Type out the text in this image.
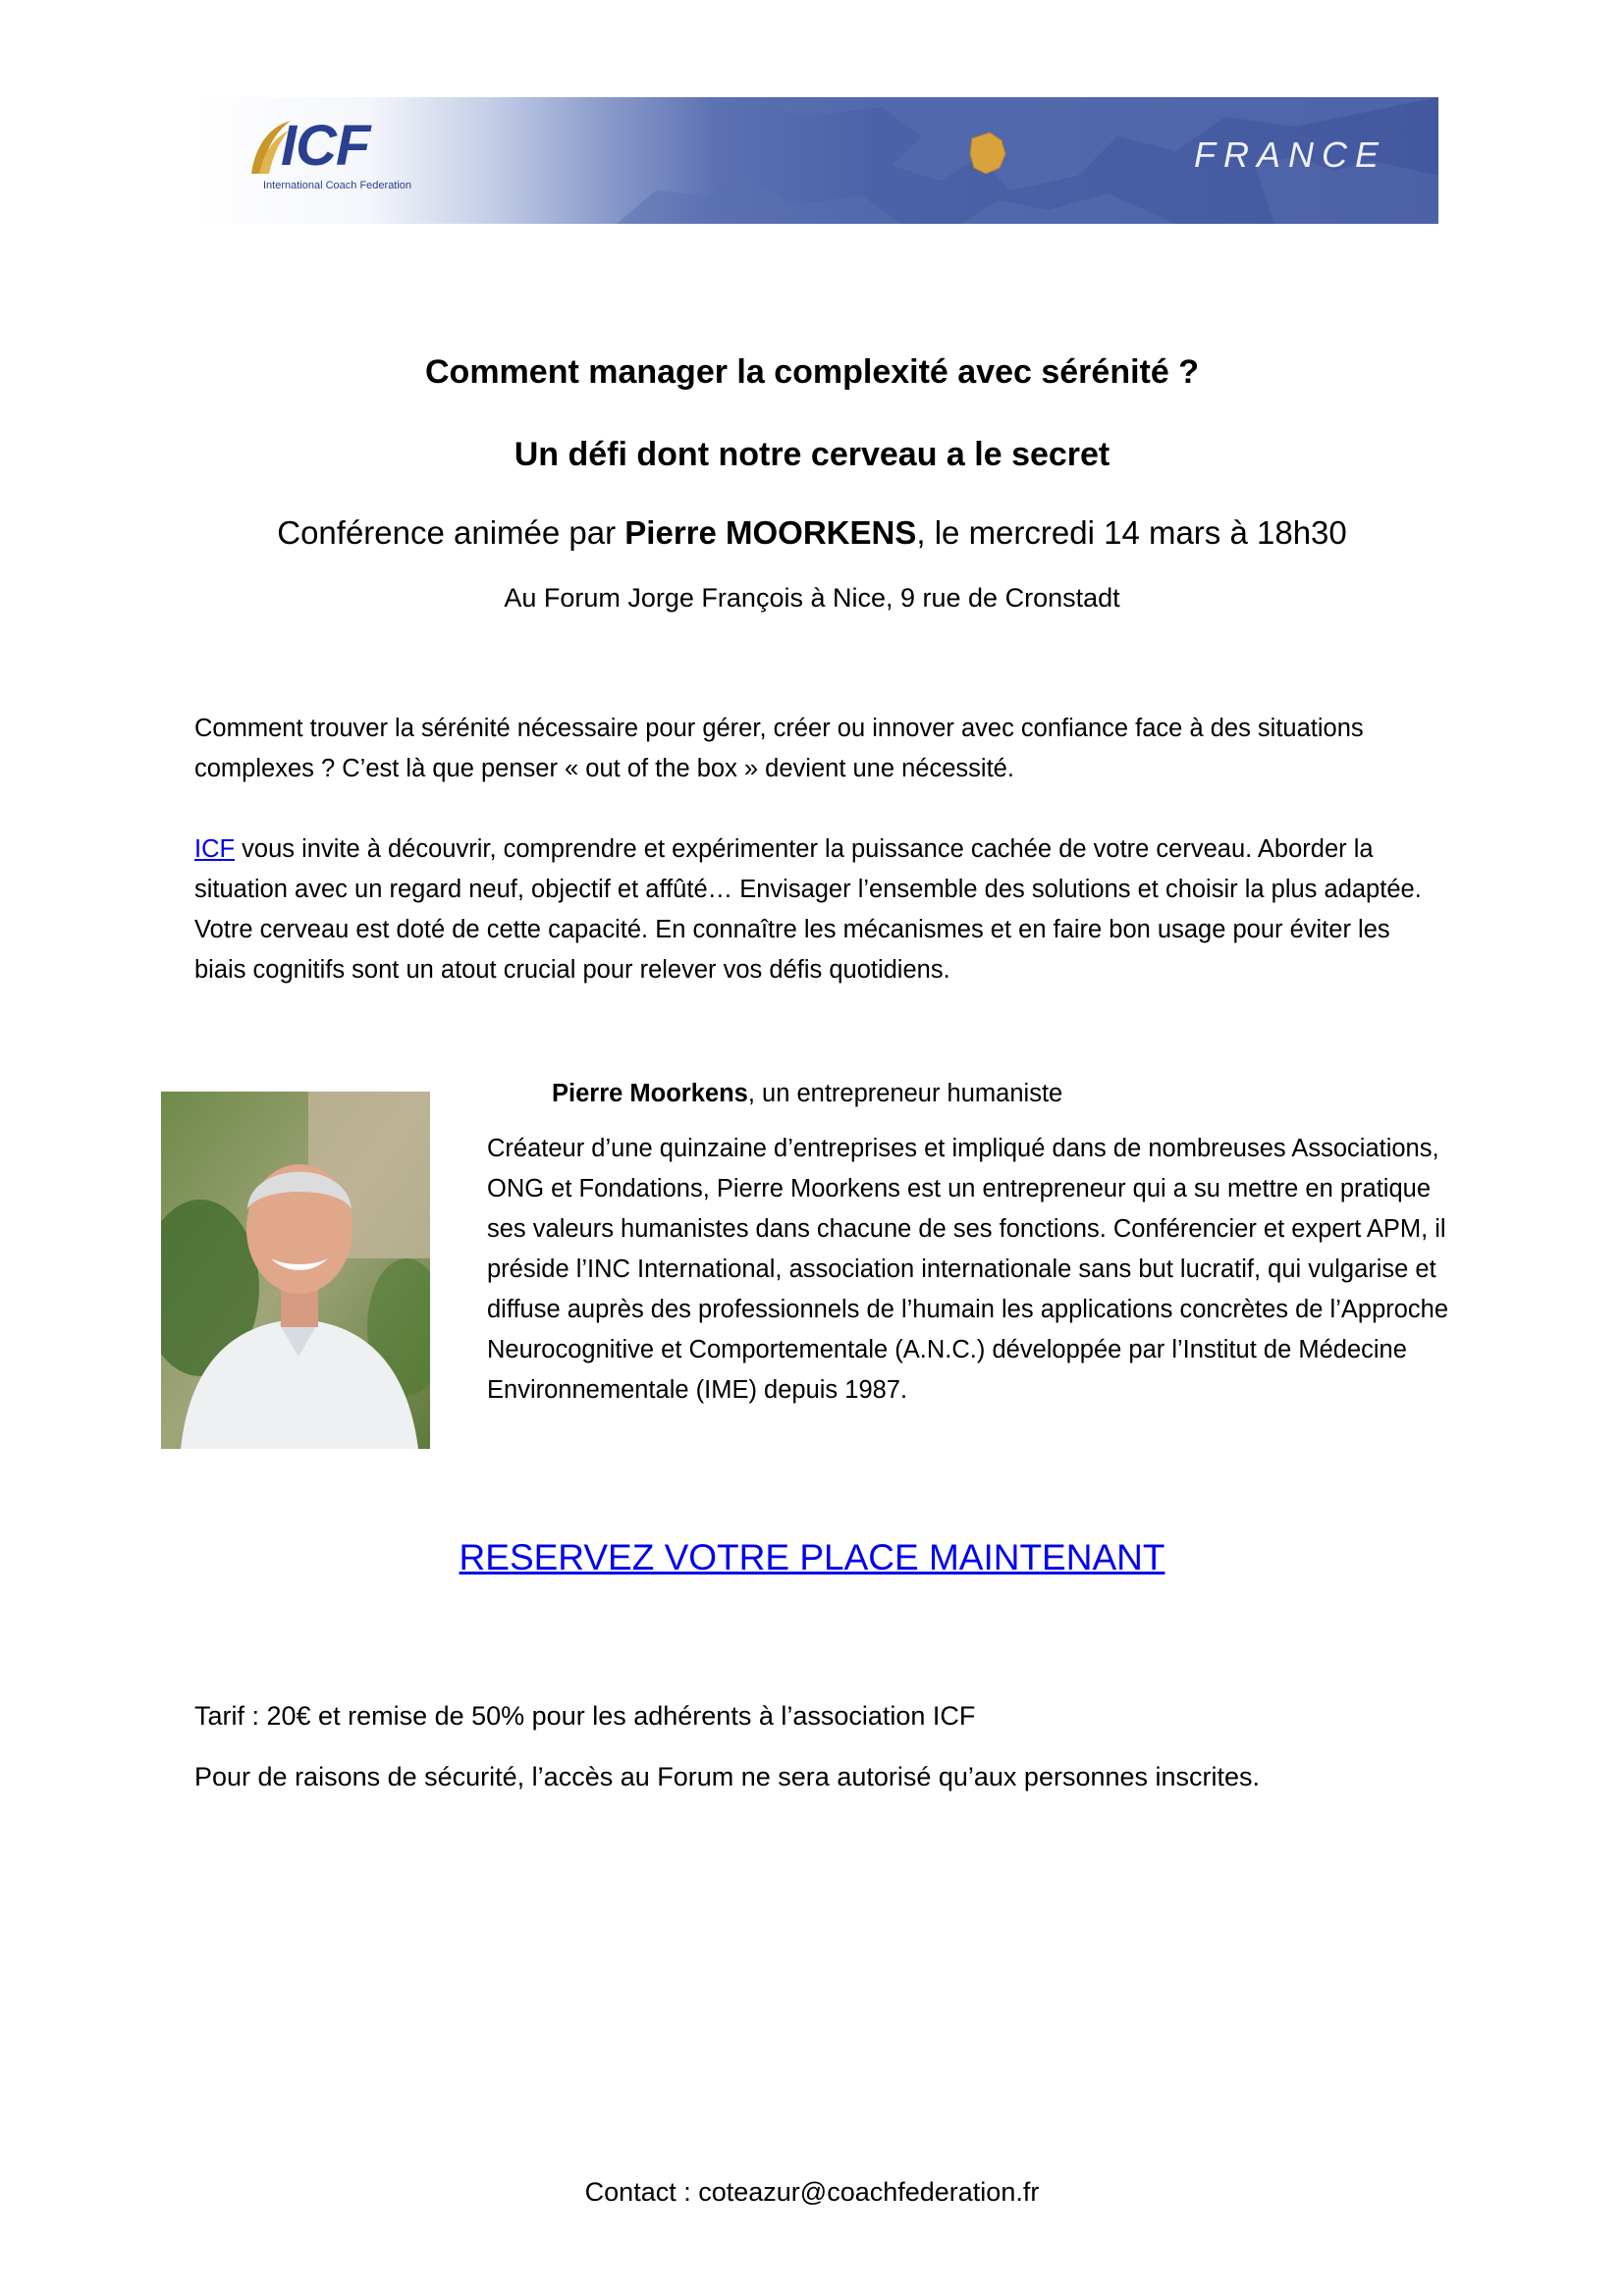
ICF
International Coach Federation
FRANCE
Comment manager la complexité avec sérénité ?
Un défi dont notre cerveau a le secret
Conférence animée par Pierre MOORKENS, le mercredi 14 mars à 18h30
Au Forum Jorge François à Nice, 9 rue de Cronstadt
Comment trouver la sérénité nécessaire pour gérer, créer ou innover avec confiance face à des situations complexes ? C’est là que penser « out of the box » devient une nécessité.
ICF vous invite à découvrir, comprendre et expérimenter la puissance cachée de votre cerveau. Aborder la situation avec un regard neuf, objectif et affûté… Envisager l’ensemble des solutions et choisir la plus adaptée. Votre cerveau est doté de cette capacité. En connaître les mécanismes et en faire bon usage pour éviter les biais cognitifs sont un atout crucial pour relever vos défis quotidiens.
Pierre Moorkens, un entrepreneur humaniste
Créateur d’une quinzaine d’entreprises et impliqué dans de nombreuses Associations, ONG et Fondations, Pierre Moorkens est un entrepreneur qui a su mettre en pratique ses valeurs humanistes dans chacune de ses fonctions. Conférencier et expert APM, il préside l’INC International, association internationale sans but lucratif, qui vulgarise et diffuse auprès des professionnels de l’humain les applications concrètes de l’Approche Neurocognitive et Comportementale (A.N.C.) développée par l’Institut de Médecine Environnementale (IME) depuis 1987.
RESERVEZ VOTRE PLACE MAINTENANT
Tarif : 20€ et remise de 50% pour les adhérents à l’association ICF
Pour de raisons de sécurité, l’accès au Forum ne sera autorisé qu’aux personnes inscrites.
Contact : coteazur@coachfederation.fr
